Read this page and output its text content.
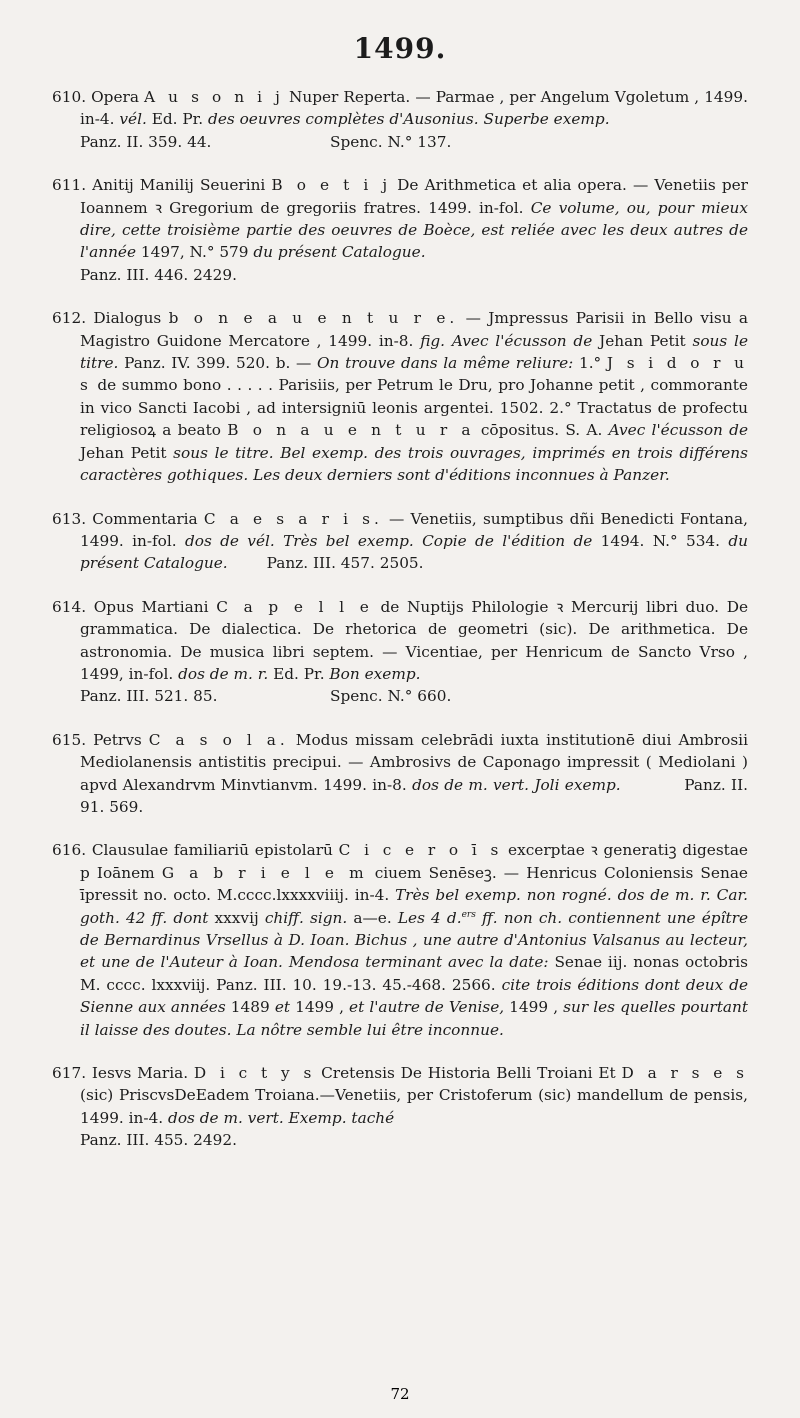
1499.

610. Opera A u s o n i j Nuper Reperta. — Parmae , per Angelum Vgoletum , 1499. in-4. vél. Ed. Pr. des oeuvres complètes d'Ausonius. Superbe exemp.

Panz. II. 359. 44.	Spenc. N.° 137.

611. Anitij Manilij Seuerini B o e t i j De Arithmetica et alia opera. — Venetiis per Ioannem ꝛ Gregorium de gregoriis fratres. 1499. in-fol. Ce volume, ou, pour mieux dire, cette troisième partie des oeuvres de Boèce, est reliée avec les deux autres de l'année 1497, N.° 579 du présent Catalogue.

Panz. III. 446. 2429.

612. Dialogus b o n e a u e n t u r e. — Jmpressus Parisii in Bello visu a Magistro Guidone Mercatore , 1499. in-8. fig. Avec l'écusson de Jehan Petit sous le titre. Panz. IV. 399. 520. b. — On trouve dans la même reliure: 1.° J s i d o r u s de summo bono . . . . . Parisiis, per Petrum le Dru, pro Johanne petit , commorante in vico Sancti Iacobi , ad intersigniū leonis argentei. 1502. 2.° Tractatus de profectu religiosoꝝ a beato B o n a u e n t u r a cōpositus. S. A. Avec l'écusson de Jehan Petit sous le titre. Bel exemp. des trois ouvrages, imprimés en trois différens caractères gothiques. Les deux derniers sont d'éditions inconnues à Panzer.

613. Commentaria C a e s a r i s. — Venetiis, sumptibus dñi Benedicti Fontana, 1499. in-fol. dos de vél. Très bel exemp. Copie de l'édition de 1494. N.° 534. du présent Catalogue.	Panz. III. 457. 2505.

614. Opus Martiani C a p e l l e de Nuptijs Philologie ꝛ Mercurij libri duo. De grammatica. De dialectica. De rhetorica de geometri (sic). De arithmetica. De astronomia. De musica libri septem. — Vicentiae, per Henricum de Sancto Vrso , 1499, in-fol. dos de m. r. Ed. Pr. Bon exemp.

Panz. III. 521. 85.	Spenc. N.° 660.

615. Petrvs C a s o l a. Modus missam celebrādi iuxta institutionē diui Ambrosii Mediolanensis antistitis precipui. — Ambrosivs de Caponago impressit ( Mediolani ) apvd Alexandrvm Minvtianvm. 1499. in-8. dos de m. vert. Joli exemp.	Panz. II. 91. 569.

616. Clausulae familiariū epistolarū C i c e r o ī s excerptae ꝛ generatiꝫ digestae p Ioānem G a b r i e l e m ciuem Senēseꝫ. — Henricus Coloniensis Senae īpressit no. octo. M.cccc.lxxxxviiij. in-4. Très bel exemp. non rogné. dos de m. r. Car. goth. 42 ff. dont xxxvij chiff. sign. a—e. Les 4 d.$^{ers}$ ff. non ch. contiennent une épître de Bernardinus Vrsellus à D. Ioan. Bichus , une autre d'Antonius Valsanus au lecteur, et une de l'Auteur à Ioan. Mendosa terminant avec la date: Senae iij. nonas octobris M. cccc. lxxxviij. Panz. III. 10. 19.-13. 45.-468. 2566. cite trois éditions dont deux de Sienne aux années 1489 et 1499 , et l'autre de Venise, 1499 , sur les quelles pourtant il laisse des doutes. La nôtre semble lui être inconnue.

617. Iesvs Maria. D i c t y s Cretensis De Historia Belli Troiani Et D a r s e s (sic) PriscvsDeEadem Troiana.—Venetiis, per Cristoferum (sic) mandellum de pensis, 1499. in-4. dos de m. vert. Exemp. taché

Panz. III. 455. 2492.
72
